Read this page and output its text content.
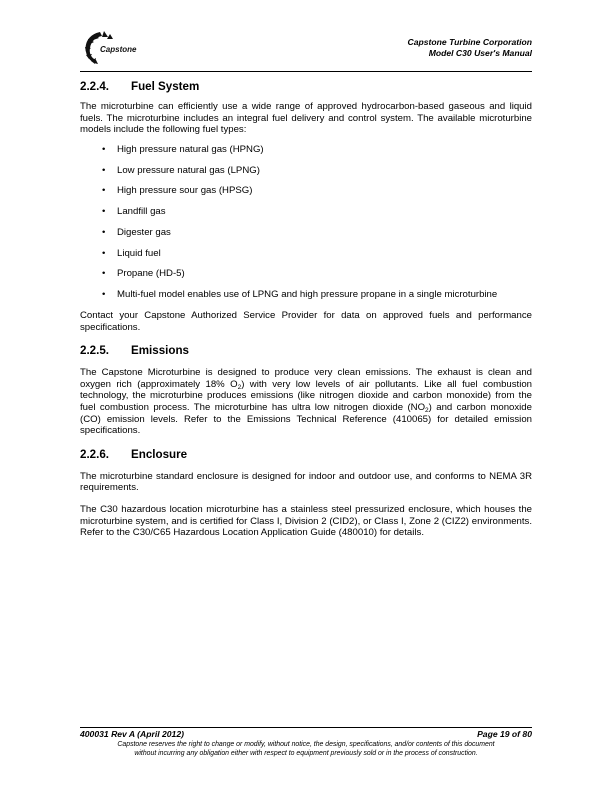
Capstone
Capstone Turbine Corporation
Model C30 User's Manual
2.2.4. Fuel System

The microturbine can efficiently use a wide range of approved hydrocarbon-based gaseous and liquid fuels. The microturbine includes an integral fuel delivery and control system. The available microturbine models include the following fuel types:

• High pressure natural gas (HPNG)
• Low pressure natural gas (LPNG)
• High pressure sour gas (HPSG)
• Landfill gas
• Digester gas
• Liquid fuel
• Propane (HD-5)
• Multi-fuel model enables use of LPNG and high pressure propane in a single microturbine

Contact your Capstone Authorized Service Provider for data on approved fuels and performance specifications.

2.2.5. Emissions

The Capstone Microturbine is designed to produce very clean emissions. The exhaust is clean and oxygen rich (approximately 18% $O_2$) with very low levels of air pollutants. Like all fuel combustion technology, the microturbine produces emissions (like nitrogen dioxide and carbon monoxide) from the fuel combustion process. The microturbine has ultra low nitrogen dioxide $(NO_2)$ and carbon monoxide (CO) emission levels. Refer to the Emissions Technical Reference (410065) for detailed emission specifications.

2.2.6. Enclosure

The microturbine standard enclosure is designed for indoor and outdoor use, and conforms to NEMA 3R requirements.

The C30 hazardous location microturbine has a stainless steel pressurized enclosure, which houses the microturbine system, and is certified for Class I, Division 2 (CID2), or Class I, Zone 2 (CIZ2) environments. Refer to the C30/C65 Hazardous Location Application Guide (480010) for details.

400031 Rev A (April 2012)	Page 19 of 80
Capstone reserves the right to change or modify, without notice, the design, specifications, and/or contents of this document
without incurring any obligation either with respect to equipment previously sold or in the process of construction.
